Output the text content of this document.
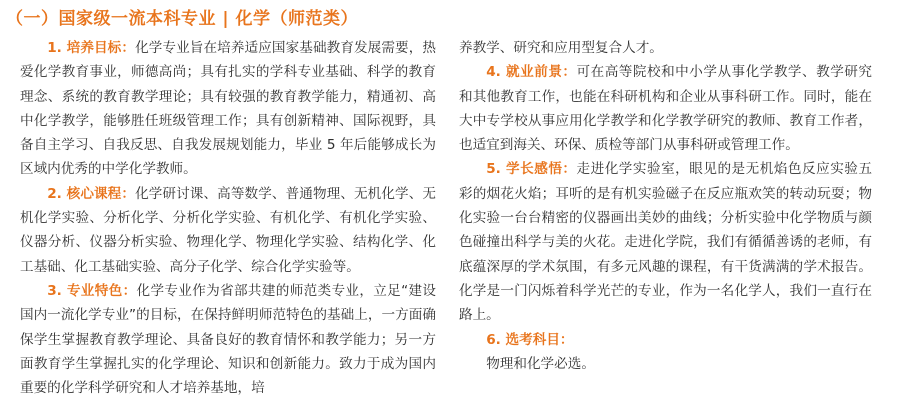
（一）国家级一流本科专业 | 化学（师范类）

1. 培养目标：化学专业旨在培养适应国家基础教育发展需要，热爱化学教育事业，师德高尚；具有扎实的学科专业基础、科学的教育理念、系统的教育教学理论；具有较强的教育教学能力，精通初、高中化学教学，能够胜任班级管理工作；具有创新精神、国际视野，具备自主学习、自我反思、自我发展规划能力，毕业 5 年后能够成长为区域内优秀的中学化学教师。

2. 核心课程：化学研讨课、高等数学、普通物理、无机化学、无机化学实验、分析化学、分析化学实验、有机化学、有机化学实验、仪器分析、仪器分析实验、物理化学、物理化学实验、结构化学、化工基础、化工基础实验、高分子化学、综合化学实验等。

3. 专业特色：化学专业作为省部共建的师范类专业，立足“建设国内一流化学专业”的目标，在保持鲜明师范特色的基础上，一方面确保学生掌握教育教学理论、具备良好的教育情怀和教学能力；另一方面教育学生掌握扎实的化学理论、知识和创新能力。致力于成为国内重要的化学科学研究和人才培养基地，培

养教学、研究和应用型复合人才。

4. 就业前景：可在高等院校和中小学从事化学教学、教学研究和其他教育工作，也能在科研机构和企业从事科研工作。同时，能在大中专学校从事应用化学教学和化学教学研究的教师、教育工作者，也适宜到海关、环保、质检等部门从事科研或管理工作。

5. 学长感悟：走进化学实验室，眼见的是无机焰色反应实验五彩的烟花火焰；耳听的是有机实验磁子在反应瓶欢笑的转动玩耍；物化实验一台台精密的仪器画出美妙的曲线；分析实验中化学物质与颜色碰撞出科学与美的火花。走进化学院，我们有循循善诱的老师，有底蕴深厚的学术氛围，有多元风趣的课程，有干货满满的学术报告。化学是一门闪烁着科学光芒的专业，作为一名化学人，我们一直行在路上。

6. 选考科目：

物理和化学必选。
